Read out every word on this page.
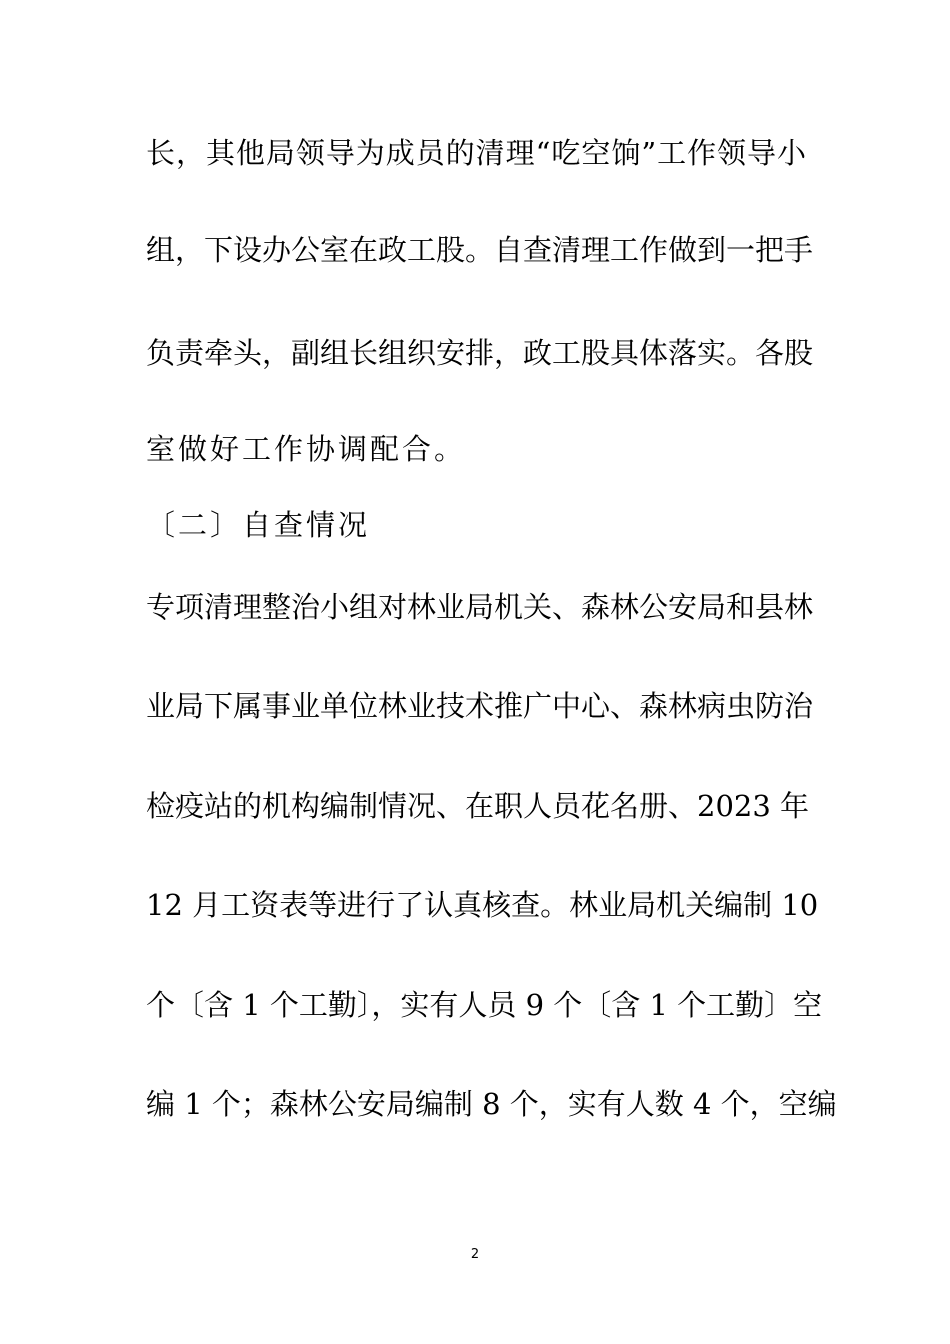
长，其他局领导为成员的清理“吃空饷”工作领导小
组，下设办公室在政工股。自查清理工作做到一把手
负责牵头，副组长组织安排，政工股具体落实。各股
室做好工作协调配合。
〔二〕自查情况
专项清理整治小组对林业局机关、森林公安局和县林
业局下属事业单位林业技术推广中心、森林病虫防治
检疫站的机构编制情况、在职人员花名册、2023 年
12 月工资表等进行了认真核查。林业局机关编制 10
个〔含 1 个工勤〕，实有人员 9 个〔含 1 个工勤〕空
编 1 个；森林公安局编制 8 个，实有人数 4 个，空编
2
